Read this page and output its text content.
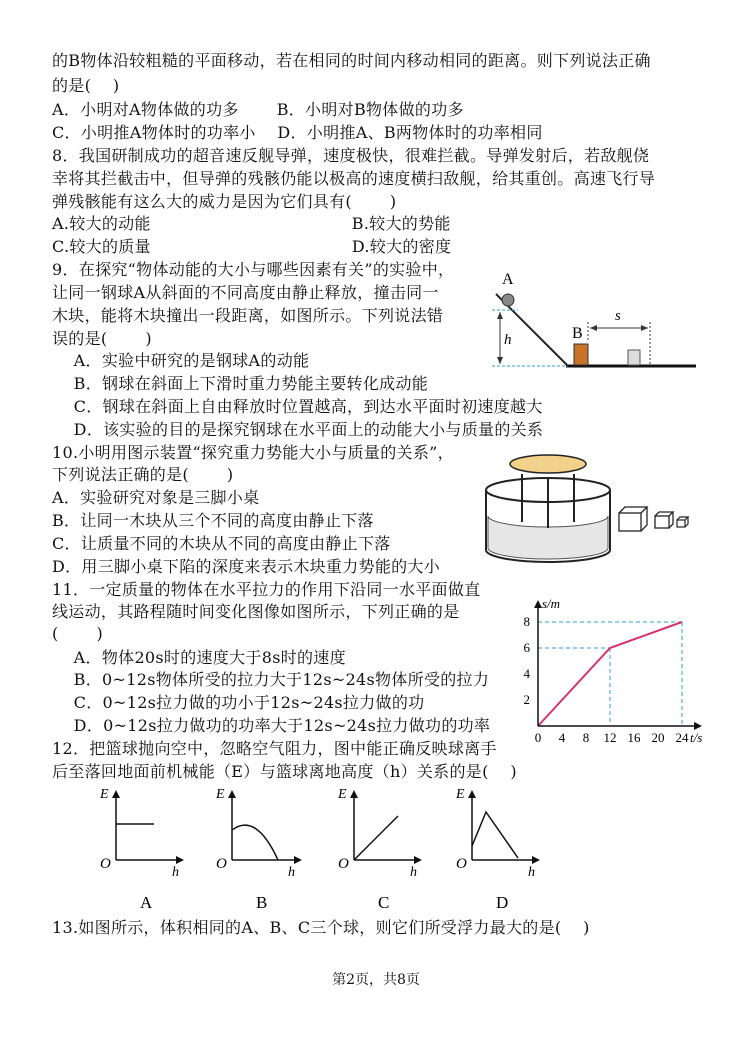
的B物体沿较粗糙的平面移动，若在相同的时间内移动相同的距离。则下列说法正确
的是(　 )
A．小明对A物体做的功多　　 B．小明对B物体做的功多
C．小明推A物体时的功率小　 D．小明推A、B两物体时的功率相同
8．我国研制成功的超音速反舰导弹，速度极快，很难拦截。导弹发射后，若敌舰侥
幸将其拦截击中，但导弹的残骸仍能以极高的速度横扫敌舰，给其重创。高速飞行导
弹残骸能有这么大的威力是因为它们具有(　　 )
A.较大的动能　　　　　　　　　　　　 B.较大的势能
C.较大的质量　　　　　　　　　　　　 D.较大的密度
9．在探究“物体动能的大小与哪些因素有关”的实验中，
让同一钢球A从斜面的不同高度由静止释放，撞击同一
木块，能将木块撞出一段距离，如图所示。下列说法错
误的是(　　 )
　 A．实验中研究的是钢球A的动能
　 B．钢球在斜面上下滑时重力势能主要转化成动能
　 C．钢球在斜面上自由释放时位置越高，到达水平面时初速度越大
　 D．该实验的目的是探究钢球在水平面上的动能大小与质量的关系
10.小明用图示装置“探究重力势能大小与质量的关系”，
下列说法正确的是(　　 )
A．实验研究对象是三脚小桌
B．让同一木块从三个不同的高度由静止下落
C．让质量不同的木块从不同的高度由静止下落
D．用三脚小桌下陷的深度来表示木块重力势能的大小
11．一定质量的物体在水平拉力的作用下沿同一水平面做直
线运动，其路程随时间变化图像如图所示，下列正确的是
(　　 )
　 A．物体20s时的速度大于8s时的速度
　 B．0~12s物体所受的拉力大于12s~24s物体所受的拉力
　 C．0~12s拉力做的功小于12s~24s拉力做的功
　 D．0~12s拉力做功的功率大于12s~24s拉力做功的功率
12．把篮球抛向空中，忽略空气阻力，图中能正确反映球离手
后至落回地面前机械能（E）与篮球离地高度（h）关系的是(　 )
13.如图所示，体积相同的A、B、C三个球，则它们所受浮力最大的是(　 )
A
h	B
s
0 4 8 12 16 20 24
2
4
6
8
t/s
s/m
E
O
h
A
E
O
h
B
E
O
h
C
E
O
h
D
第2页，共8页
